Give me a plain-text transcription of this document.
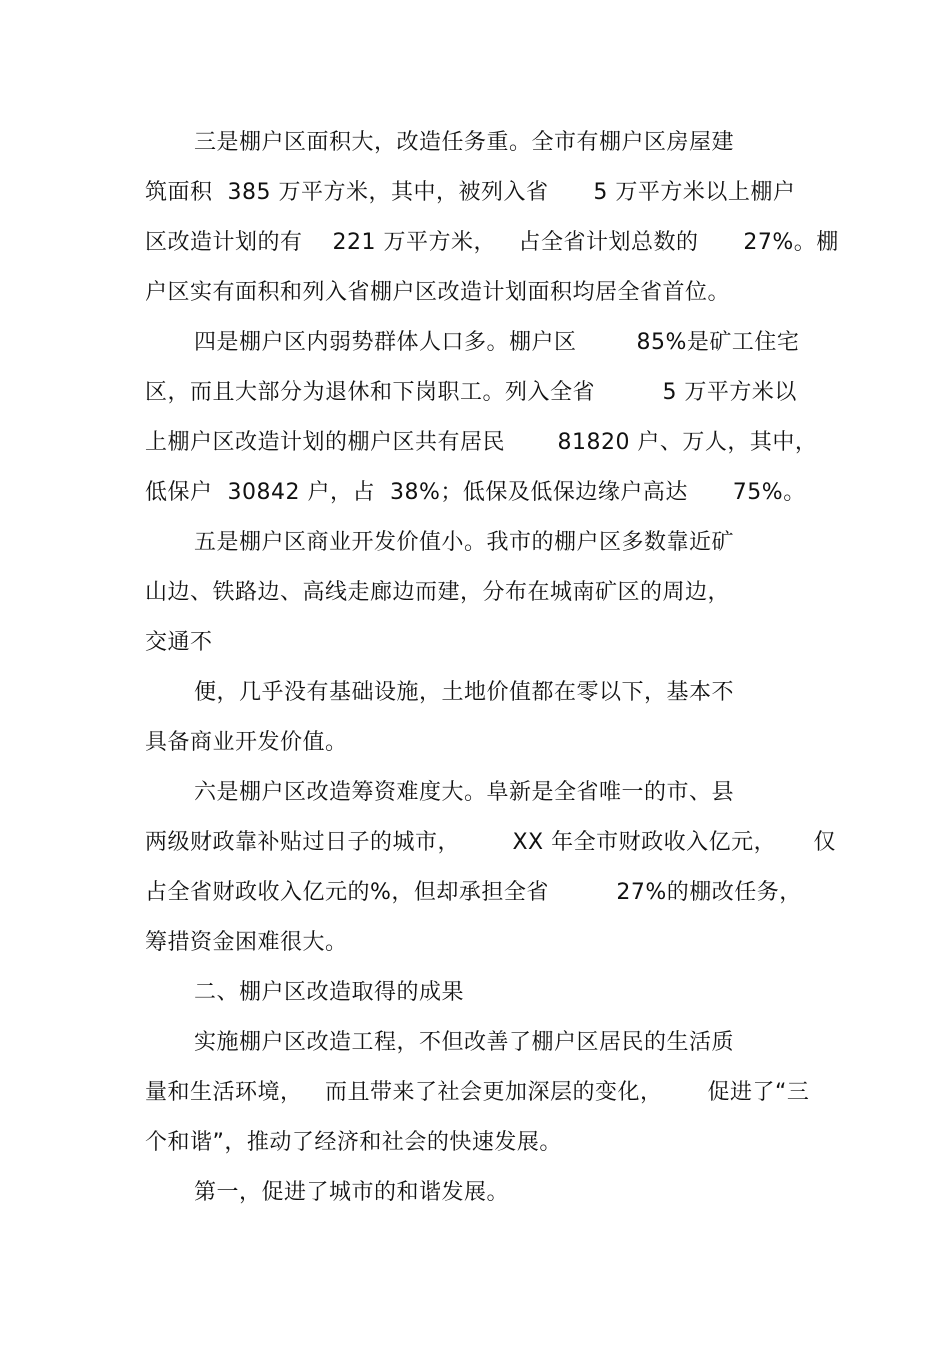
三是棚户区面积大，改造任务重。全市有棚户区房屋建
筑面积  385 万平方米，其中，被列入省      5 万平方米以上棚户
区改造计划的有    221 万平方米，   占全省计划总数的      27%。棚
户区实有面积和列入省棚户区改造计划面积均居全省首位。
四是棚户区内弱势群体人口多。棚户区        85%是矿工住宅
区，而且大部分为退休和下岗职工。列入全省         5 万平方米以
上棚户区改造计划的棚户区共有居民       81820 户、万人，其中，
低保户  30842 户，占  38%；低保及低保边缘户高达      75%。
五是棚户区商业开发价值小。我市的棚户区多数靠近矿
山边、铁路边、高线走廊边而建，分布在城南矿区的周边，
交通不
便，几乎没有基础设施，土地价值都在零以下，基本不
具备商业开发价值。
六是棚户区改造筹资难度大。阜新是全省唯一的市、县
两级财政靠补贴过日子的城市，       XX 年全市财政收入亿元，     仅
占全省财政收入亿元的%，但却承担全省         27%的棚改任务，
筹措资金困难很大。
二、棚户区改造取得的成果
实施棚户区改造工程，不但改善了棚户区居民的生活质
量和生活环境，   而且带来了社会更加深层的变化，      促进了“三
个和谐”，推动了经济和社会的快速发展。
第一，促进了城市的和谐发展。
